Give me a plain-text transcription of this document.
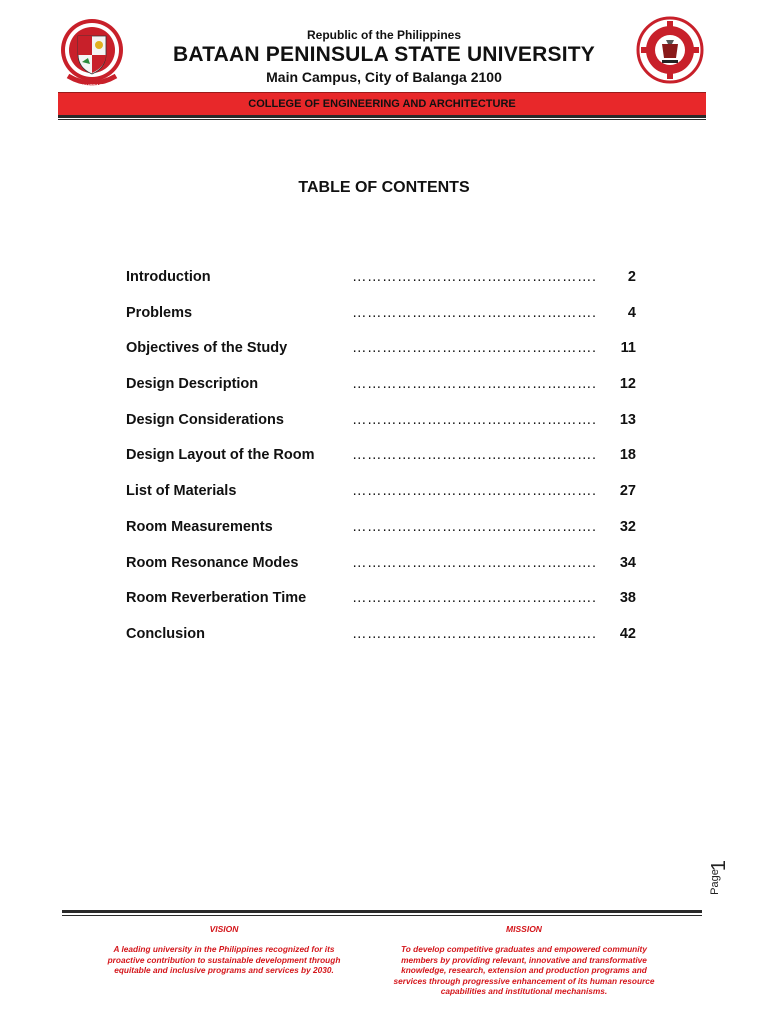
PHILIPPINES
Republic of the Philippines
BATAAN PENINSULA STATE UNIVERSITY
Main Campus, City of Balanga 2100
COLLEGE OF ENGINEERING AND ARCHITECTURE
TABLE OF CONTENTS
Introduction	………………………………………….	2
Problems	………………………………………….	4
Objectives of the Study	………………………………………….	11
Design Description	………………………………………….	12
Design Considerations	………………………………………….	13
Design Layout of the Room	………………………………………….	18
List of Materials	………………………………………….	27
Room Measurements	………………………………………….	32
Room Resonance Modes	………………………………………….	34
Room Reverberation Time	………………………………………….	38
Conclusion	………………………………………….	42
Page
1
VISION
A leading university in the Philippines recognized for its proactive contribution to sustainable development through equitable and inclusive programs and services by 2030.
MISSION
To develop competitive graduates and empowered community members by providing relevant, innovative and transformative knowledge, research, extension and production programs and services through progressive enhancement of its human resource capabilities and institutional mechanisms.
